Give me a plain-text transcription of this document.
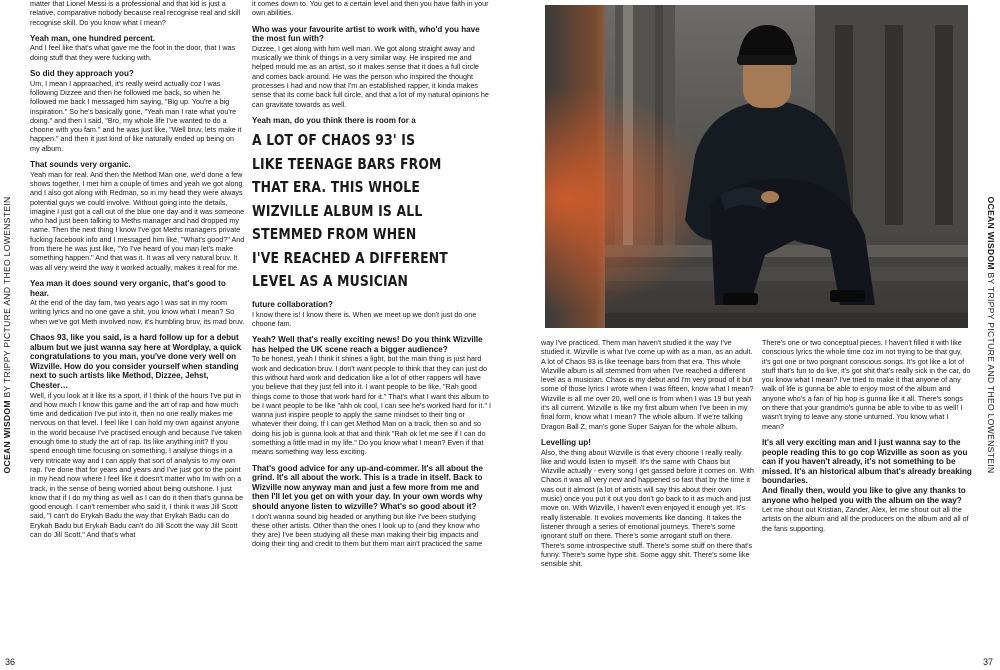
OCEAN WISDOM BY TRIPPY PICTURE AND THEO LOWENSTEIN

matter that Lionel Messi is a professional and that kid is just a relative, comparative nobody because real recognise real and skill recognise skill. Do you know what I mean?

Yeah man, one hundred percent.

And I feel like that's what gave me the foot in the door, that I was doing stuff that they were fucking with.

So did they approach you?

Um, I mean I approached, it's really weird actually coz I was following Dizzee and then he followed me back, so when he followed me back I messaged him saying, "Big up. You're a big inspiration." So he's basically gone, "Yeah man I rate what you're doing." and then I said, "Bro, my whole life I've wanted to do a choone with you fam." and he was just like, "Well bruv, lets make it happen." and then it just kind of like naturally ended up being on my album.

That sounds very organic.

Yeah man for real. And then the Method Man one, we'd done a few shows together, I met him a couple of times and yeah we got along and I also got along with Redman, so in my head they were always potential guys we could involve. Without going into the details, imagine I just got a call out of the blue one day and it was someone who had just been talking to Meths manager and had dropped my name. Then the next thing I know I've got Meths managers private fucking facebook info and I messaged him like, "What's good?" And from there he was just like, "Yo I've heard of you man let's make something happen." And that was it. It was all very natural bruv. It was all very weird the way it worked actually, makes it real for me.

Yea man it does sound very organic, that's good to hear.

At the end of the day fam, two years ago I was sat in my room writing lyrics and no one gave a shit, you know what I mean? So when we've got Meth involved now, it's humbling bruv, its mad bruv.

Chaos 93, like you said, is a hard follow up for a debut album but we just wanna say here at Wordplay, a quick congratulations to you man, you've done very well on Wizville. How do you consider yourself when standing next to such artists like Method, Dizzee, Jehst, Chester…

Well, if you look at it like its a sport, if I think of the hours I've put in and how much I know this game and the art of rap and how much time and dedication I've put into it, then no one really makes me nervous on that level. I feel like I can hold my own against anyone in the world because I've practised enough and because I've taken enough time to study the art of rap. Its like anything init? If you spend enough time focusing on something, I analyse things in a very intricate way and I can apply that sort of analysis to my own rap. I've done that for years and years and I've just got to the point in my head now where I feel like it doesn't matter who Im with on a track, in the sense of being worried about being outshone. I just know that if I do my thing as well as I can do it then that's gunna be good enough. I can't remember who said it, I think it was Jill Scott said, "I can't do Erykah Badu the way that Erykah Badu can do Erykah Badu but Erykah Badu can't do Jill Scott the way Jill Scott can do Jill Scott." And that's what

it comes down to. You get to a certain level and then you have faith in your own abilities.

Who was your favourite artist to work with, who'd you have the most fun with?

Dizzee, I get along with him well man. We got along straight away and musically we think of things in a very similar way. He inspired me and helped mould me as an artist, so it makes sense that it does a full circle and comes back around. He was the person who inspired the thought processes I had and now that I'm an established rapper, it kinda makes sense that its come back full circle, and that a lot of my natural opinions he can gravitate towards as well.

Yeah man, do you think there is room for a

A LOT OF CHAOS 93' IS LIKE TEENAGE BARS FROM THAT ERA. THIS WHOLE WIZVILLE ALBUM IS ALL STEMMED FROM WHEN I'VE REACHED A DIFFERENT LEVEL AS A MUSICIAN

future collaboration?

I know there is! I know there is. When we meet up we don't just do one choone fam.

Yeah? Well that's really exciting news! Do you think Wizville has helped the UK scene reach a bigger audience?

To be honest, yeah I think it shines a light, but the main thing is just hard work and dedication bruv. I don't want people to think that they can just do this without hard work and dedication like a lot of other rappers will have you believe that they just fell into it. I want people to be like, "Rah good things come to those that work hard for it." That's what I want this album to be I want people to be like "ahh ok cool, I can see he's worked hard for it." I wanna just inspire people to apply the same mindset to their ting or whatever their doing. If I can get Method Man on a track, then so and so doing his job is gunna look at that and think "Rah ok let me see if I can do something a little mad in my life." Do you know what I mean? Even if that means something way less exciting.

That's good advice for any up-and-commer. It's all about the grind. It's all about the work. This is a trade in itself. Back to Wizville now anyway man and just a few more from me and then I'll let you get on with your day. In your own words why should anyone listen to wizville? What's so good about it?

I don't wanna sound big headed or anything but like I've been studying these other artists. Other than the ones I look up to (and they know who they are) I've been studying all these man making their big impacts and doing their ting and credit to them but them man ain't practiced the same

36

way I've practiced. Them man haven't studied it the way I've studied it. Wizville is what I've come up with as a man, as an adult. A lot of Chaos 93 is like teenage bars from that era. This whole Wizville album is all stemmed from when I've reached a different level as a musician. Chaos is my debut and I'm very proud of it but some of those lyrics I wrote when I was fifteen, know what I mean? Wizville is all me over 20, well one is from when I was 19 but yeah it's all current. Wizville is like my first album when I've been in my final form, know what I mean? The whole album. If we're talking Dragon Ball Z, man's gone Super Saiyan for the whole album.

Levelling up!

Also, the thing about Wizville is that every choone I really really like and would listen to myself. It's the same with Chaos but Wizville actually - every song I get gassed before it comes on. With Chaos it was all very new and happened so fast that by the time it was out it almost (a lot of artists will say this about their own music) once you put it out you don't go back to it as much and just move on. With Wizville, I haven't even enjoyed it enough yet. It's really listenable. It evokes movements like dancing. It takes the listener through a series of emotional journeys. There's some ignorant stuff on there. There's some arrogant stuff on there. There's some introspective stuff. There's some stuff on there that's funny. There's some hype shit. Some aggy shit. There's some like sensible shit.

There's one or two conceptual pieces. I haven't filled it with like conscious lyrics the whole time coz im not trying to be that guy, it's got one or two poignant conscious songs. It's got like a lot of stuff that's fun to do live, it's got shit that's really sick in the car, do you know what I mean? I've tried to make it that anyone of any walk of life is gunna be able to enjoy most of the album and anyone who's a fan of hip hop is gunna like it all. There's songs on there that your grandmo's gunna be able to vibe to as well! I wasn't trying to leave any stone unturned. You know what I mean?

It's all very exciting man and I just wanna say to the people reading this to go cop Wizville as soon as you can if you haven't already, it's not something to be missed. It's an historical album that's already breaking boundaries.

And finally then, would you like to give any thanks to anyone who helped you with the album on the way?

Let me shout out Kristian, Zander, Alex, let me shout out all the artists on the album and all the producers on the album and all of the fans supporting.

OCEAN WISDOM BY TRIPPY PICTURE AND THEO LOWENSTEIN
37
